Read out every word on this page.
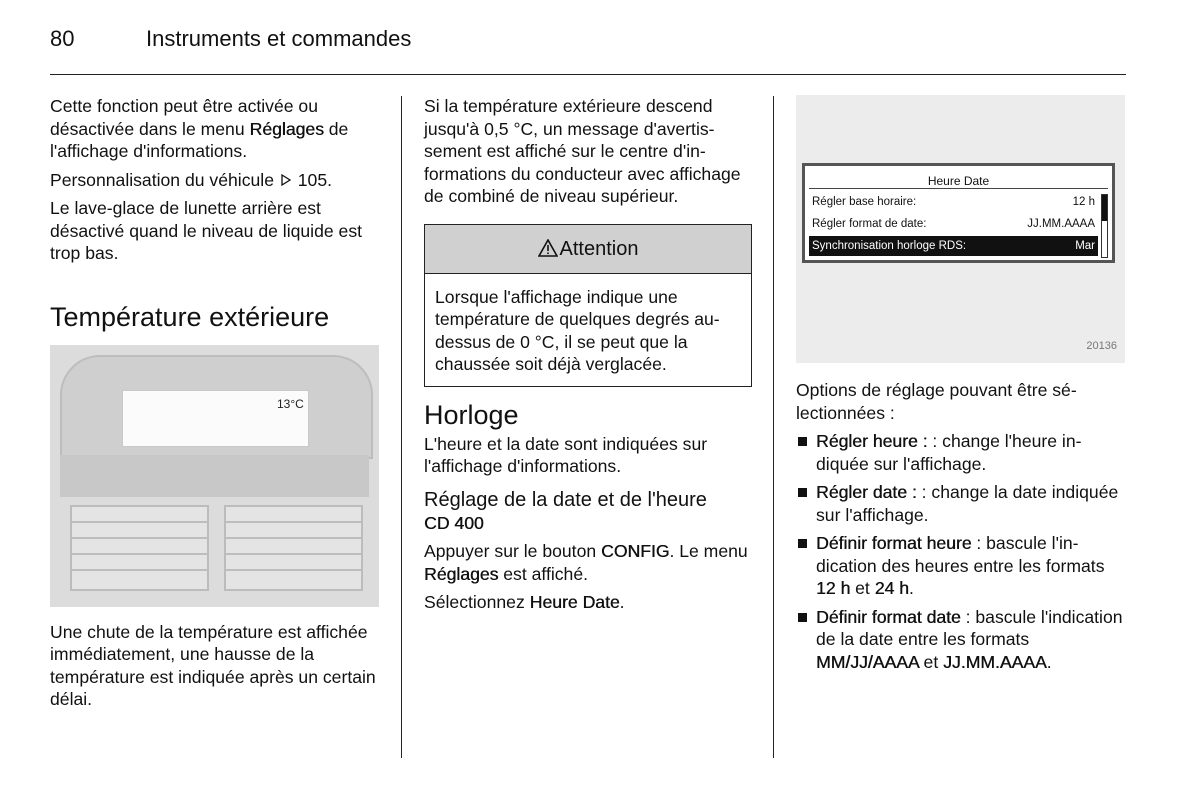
80	Instruments et commandes

Cette fonction peut être activée ou désactivée dans le menu Réglages de l'affichage d'informations.

Personnalisation du véhicule  105.

Le lave-glace de lunette arrière est désactivé quand le niveau de liquide est trop bas.

Température extérieure
13°C

Une chute de la température est affichée immédiatement, une hausse de la température est indiquée après un certain délai.

Si la température extérieure descend jusqu'à 0,5 °C, un message d'avertissement est affiché sur le centre d'informations du conducteur avec affichage de combiné de niveau supérieur.

Attention
Lorsque l'affichage indique une température de quelques degrés au-dessus de 0 °C, il se peut que la chaussée soit déjà verglacée.
Horloge

L'heure et la date sont indiquées sur l'affichage d'informations.

Réglage de la date et de l'heure
CD 400

Appuyer sur le bouton CONFIG. Le menu Réglages est affiché.

Sélectionnez Heure Date.

Heure Date
Régler base horaire:	12 h
Régler format de date:	JJ.MM.AAAA
Synchronisation horloge RDS:	Mar
20136

Options de réglage pouvant être sélectionnées :

Régler heure : : change l'heure indiquée sur l'affichage.
Régler date : : change la date indiquée sur l'affichage.
Définir format heure : bascule l'indication des heures entre les formats 12 h et 24 h.
Définir format date : bascule l'indication de la date entre les formats MM/JJ/AAAA et JJ.MM.AAAA.
